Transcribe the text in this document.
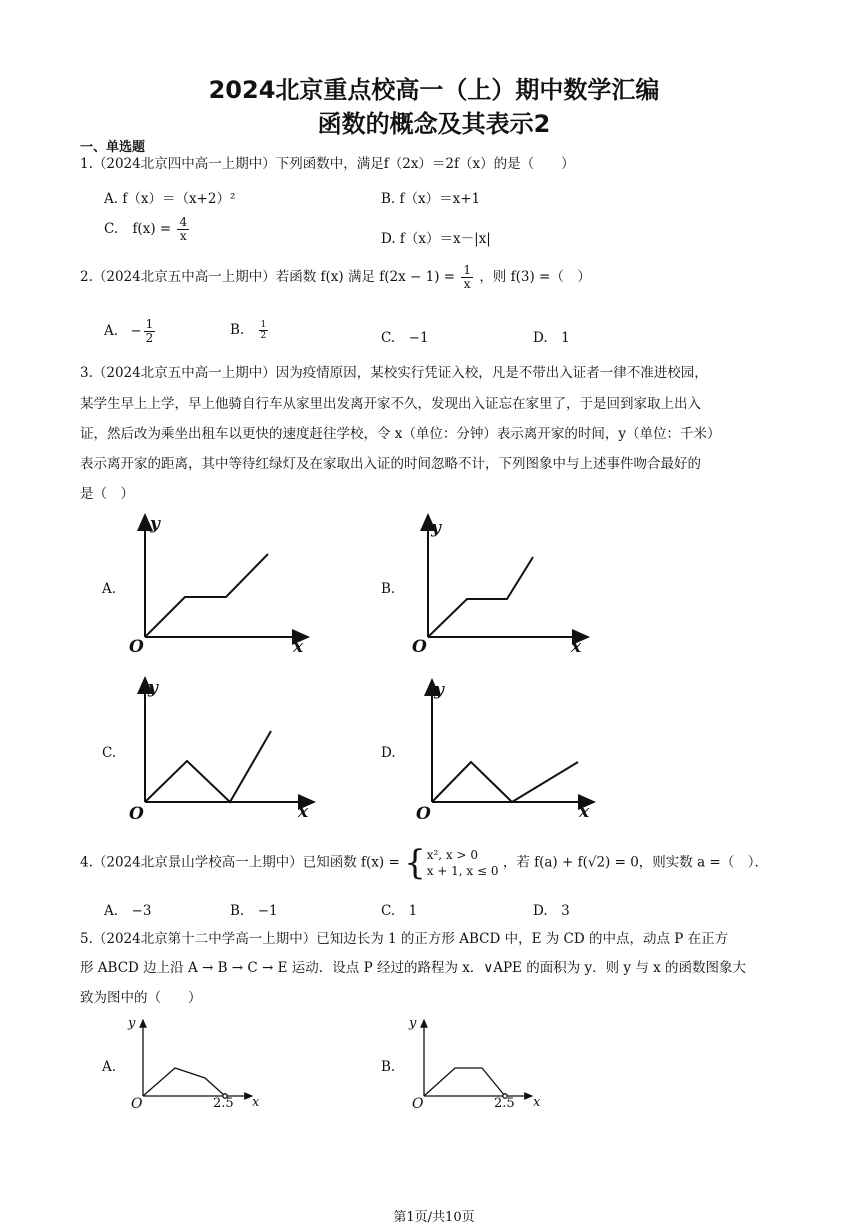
2024北京重点校高一（上）期中数学汇编
函数的概念及其表示2
一、单选题
1.（2024北京四中高一上期中）下列函数中，满足f（2x）＝2f（x）的是（　　）
A. f（x）＝（x+2）²	B. f（x）＝x+1
C. $f(x) = \frac{4}{x}$	D. f（x）＝x－|x|
2.（2024北京五中高一上期中）若函数 f(x) 满足 $f(2x - 1) = \frac{1}{x}$ ，则 f(3) =（　）
A. − $\frac{1}{2}$	B. $\frac{1}{2}$	C.　−1	D.　1
3.（2024北京五中高一上期中）因为疫情原因，某校实行凭证入校，凡是不带出入证者一律不准进校园，
某学生早上上学，早上他骑自行车从家里出发离开家不久，发现出入证忘在家里了，于是回到家取上出入
证，然后改为乘坐出租车以更快的速度赶往学校，令 x（单位：分钟）表示离开家的时间，y（单位：千米）
表示离开家的距离，其中等待红绿灯及在家取出入证的时间忽略不计，下列图象中与上述事件吻合最好的
是（　）
A.	B.
C.	D.
y
x
O
y
x
O
y
x
O
y
x
O
4.（2024北京景山学校高一上期中）已知函数 f(x) = { x², x > 0
x + 1, x ≤ 0
，若 f(a) + f(√2) = 0，则实数 a =（　）．
A.　−3	B.　−1	C.　1	D.　3
5.（2024北京第十二中学高一上期中）已知边长为 1 的正方形 ABCD 中，E 为 CD 的中点，动点 P 在正方
形 ABCD 边上沿 A → B → C → E 运动．设点 P 经过的路程为 x．∨APE 的面积为 y．则 y 与 x 的函数图象大
致为图中的（　　）
A.	B.
y
x
O	2.5
y
x
O	2.5
第1页/共10页
